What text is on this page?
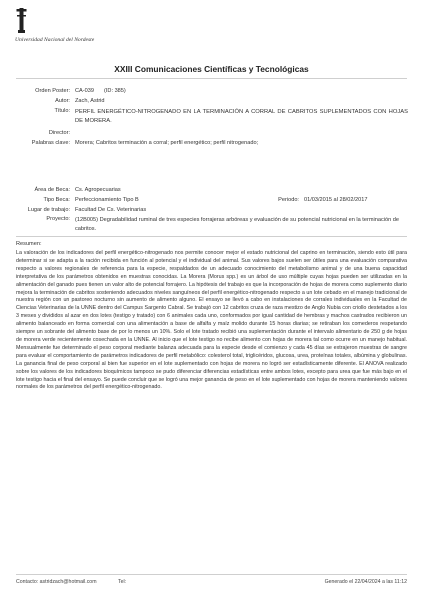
Universidad Nacional del Nordeste
XXIII Comunicaciones Científicas y Tecnológicas
Orden Poster: CA-039 (ID: 385)
Autor: Zach, Astrid
Título: PERFIL ENERGÉTICO-NITROGENADO EN LA TERMINACIÓN A CORRAL DE CABRITOS SUPLEMENTADOS CON HOJAS DE MORERA.
Director:
Palabras clave: Morera; Cabritos terminación a corral; perfil energético; perfil nitrogenado;
Área de Beca: Cs. Agropecuarias
Tipo Beca: Perfeccionamiento Tipo B	Periodo: 01/03/2015 al 28/02/2017
Lugar de trabajo: Facultad De Cs. Veterinarias
Proyecto: (12B005) Degradabilidad ruminal de tres especies forrajeras arbóreas y evaluación de su potencial nutricional en la terminación de cabritos.
Resumen:
La valoración de los indicadores del perfil energético-nitrogenado nos permite conocer mejor el estado nutricional del caprino en terminación, siendo esto útil para determinar si se adapta a la ración recibida en función al potencial y el individual del animal. Sus valores bajos suelen ser útiles para una evaluación comparativa respecto a valores regionales de referencia para la especie, respaldados de un adecuado conocimiento del metabolismo animal y de una buena capacidad interpretativa de los parámetros obtenidos en muestras conocidas. La Morera (Morus spp.) es un árbol de uso múltiple cuyas hojas pueden ser utilizadas en la alimentación del ganado pues tienen un valor alto de potencial forrajero. La hipótesis del trabajo es que la incorporación de hojas de morera como suplemento diario mejora la terminación de cabritos sosteniendo adecuados niveles sanguíneos del perfil energético-nitrogenado respecto a un lote cebado en el manejo tradicional de nuestra región con un pastoreo nocturno sin aumento de alimento alguno. El ensayo se llevó a cabo en instalaciones de corrales individuales en la Facultad de Ciencias Veterinarias de la UNNE dentro del Campus Sargento Cabral. Se trabajó con 12 cabritos cruza de raza mestizo de Anglo Nubia con criollo destetados a los 3 meses y divididos al azar en dos lotes (testigo y tratado) con 6 animales cada uno, conformados por igual cantidad de hembras y machos castrados recibieron un alimento balanceado en forma comercial con una alimentación a base de alfalfa y maíz molido durante 15 horas diarias; se retiraban los comederos respetando siempre un sobrante del alimento base de por lo menos un 10%. Solo el lote tratado recibió una suplementación durante el intervalo alimentario de 250 g de hojas de morera verde recientemente cosechada en la UNNE. Al inicio que el lote testigo no recibe alimento con hojas de morera tal como ocurre en un manejo habitual. Mensualmente fue determinado el peso corporal mediante balanza adecuada para la especie desde el comienzo y cada 45 días se extrajeron muestras de sangre para evaluar el comportamiento de parámetros indicadores de perfil metabólico: colesterol total, triglicéridos, glucosa, urea, proteínas totales, albúmina y globulinas. La ganancia final de peso corporal al bien fue superior en el lote suplementado con hojas de morera no logró ser estadísticamente diferente. El ANOVA realizado sobre los valores de los indicadores bioquímicos tampoco se pudo diferenciar diferencias estadísticas entre ambos lotes, excepto para urea que fue más bajo en el lote testigo hacia el final del ensayo. Se puede concluir que se logró una mejor ganancia de peso en el lote suplementado con hojas de morera manteniendo valores normales de los parámetros del perfil energético-nitrogenado.
Contacto: astridzach@hotmail.com	Tel:	Generado el 22/04/2024 a las 11:12
